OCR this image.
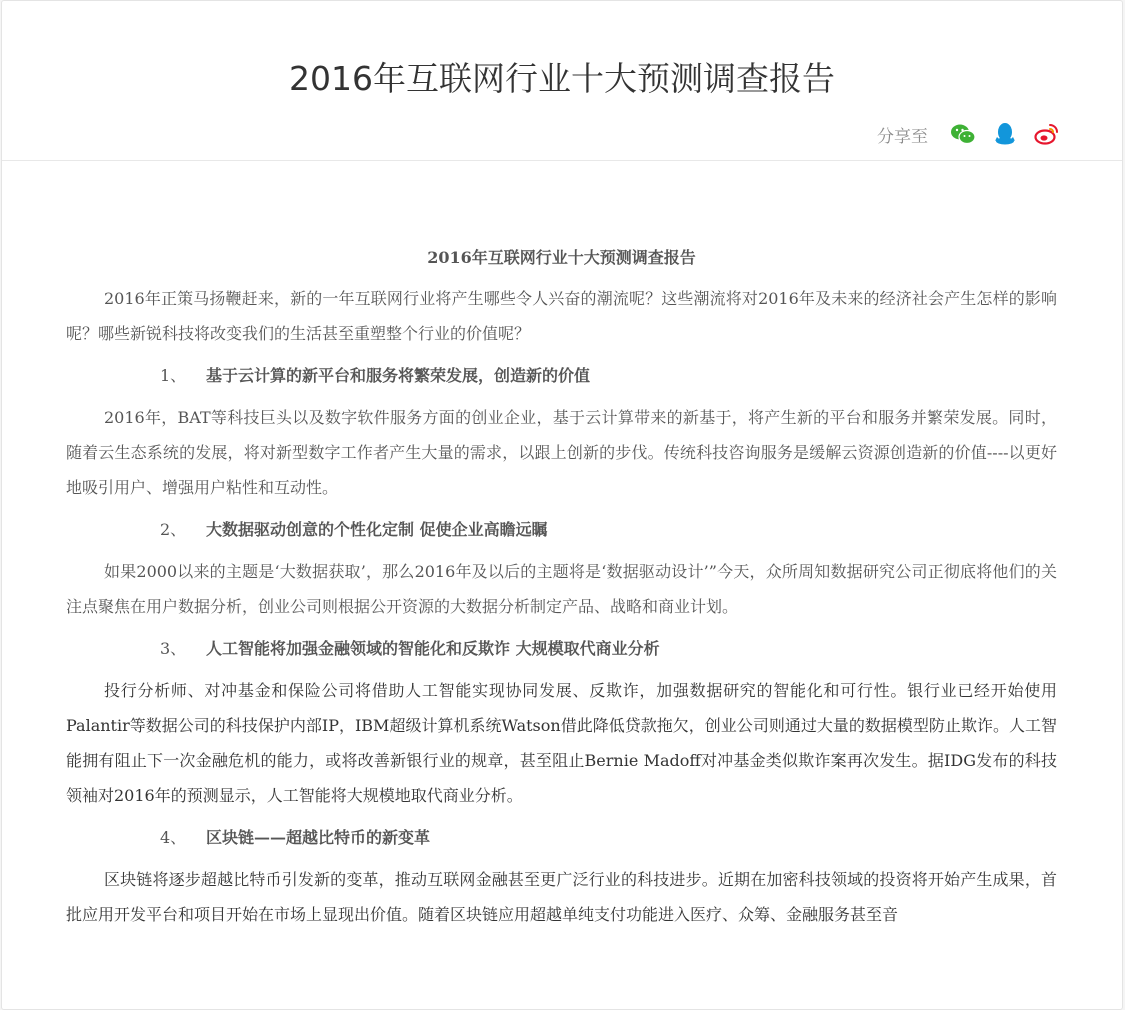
2016年互联网行业十大预测调查报告
分享至
2016年互联网行业十大预测调查报告

2016年正策马扬鞭赶来，新的一年互联网行业将产生哪些令人兴奋的潮流呢？这些潮流将对2016年及未来的经济社会产生怎样的影响呢？哪些新锐科技将改变我们的生活甚至重塑整个行业的价值呢？

1、	基于云计算的新平台和服务将繁荣发展，创造新的价值

2016年，BAT等科技巨头以及数字软件服务方面的创业企业，基于云计算带来的新基于，将产生新的平台和服务并繁荣发展。同时，随着云生态系统的发展，将对新型数字工作者产生大量的需求，以跟上创新的步伐。传统科技咨询服务是缓解云资源创造新的价值----以更好地吸引用户、增强用户粘性和互动性。

2、	大数据驱动创意的个性化定制 促使企业高瞻远瞩

如果2000以来的主题是‘大数据获取’，那么2016年及以后的主题将是‘数据驱动设计’”今天，众所周知数据研究公司正彻底将他们的关注点聚焦在用户数据分析，创业公司则根据公开资源的大数据分析制定产品、战略和商业计划。

3、	人工智能将加强金融领域的智能化和反欺诈 大规模取代商业分析

投行分析师、对冲基金和保险公司将借助人工智能实现协同发展、反欺诈，加强数据研究的智能化和可行性。银行业已经开始使用Palantir等数据公司的科技保护内部IP，IBM超级计算机系统Watson借此降低贷款拖欠，创业公司则通过大量的数据模型防止欺诈。人工智能拥有阻止下一次金融危机的能力，或将改善新银行业的规章，甚至阻止Bernie Madoff对冲基金类似欺诈案再次发生。据IDG发布的科技领袖对2016年的预测显示，人工智能将大规模地取代商业分析。

4、	区块链——超越比特币的新变革

区块链将逐步超越比特币引发新的变革，推动互联网金融甚至更广泛行业的科技进步。近期在加密科技领域的投资将开始产生成果，首批应用开发平台和项目开始在市场上显现出价值。随着区块链应用超越单纯支付功能进入医疗、众筹、金融服务甚至音
